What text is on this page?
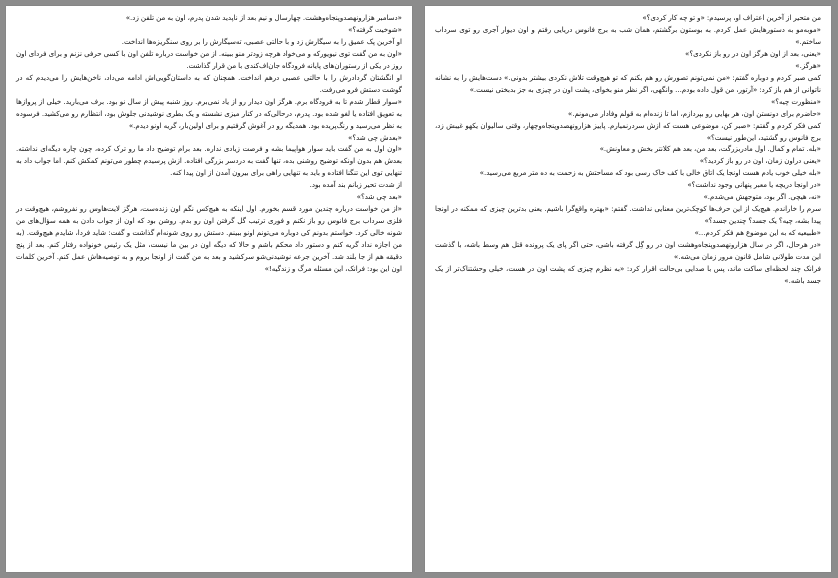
«دسامبر هزارونهصدوپنجاه‌وهشت. چهارسال و نیم بعد از ناپدید شدن پدرم، اون به من تلفن زد.»

«شوخیت گرفته؟»

او آخرین پک عمیق را به سیگارش زد و با حالتی عصبی، ته‌سیگارش را بر روی سنگریزه‌ها انداخت.

«اون به من گفت توی نیویورکه و می‌خواد هرچه زودتر منو ببینه. از من خواست درباره تلفن اون با کسی حرفی نزنم و برای فردای اون روز در یکی از رستوران‌های پایانه فرودگاه جان‌اف‌کندی با من قرار گذاشت.

او انگشتان گردادرش را با حالتی عصبی درهم انداخت. همچنان که به داستان‌گویی‌اش ادامه می‌داد، ناخن‌هایش را می‌دیدم که در گوشت دستش فرو می‌رفت.

«سوار قطار شدم تا به فرودگاه برم. هرگز اون دیدار رو از یاد نمی‌برم. روز شنبه پیش از سال نو بود. برف می‌بارید. خیلی از پروازها به تعویق افتاده یا لغو شده بود. پدرم، درحالی‌که در کنار میزی نشسته و یک بطری نوشیدنی جلوش بود، انتظارم رو می‌کشید. فرسوده به نظر می‌رسید و رنگ‌پریده بود. همدیگه رو در آغوش گرفتیم و برای اولین‌بار، گریه اونو دیدم.»

«بعدش چی شد؟»

«اون اول به من گفت باید سوار هواپیما بشه و فرصت زیادی نداره. بعد برام توضیح داد ما رو ترک کرده، چون چاره دیگه‌ای نداشته. بعدش هم بدون اونکه توضیح روشنی بده، تنها گفت به دردسر بزرگی افتاده. ازش پرسیدم چطور می‌تونم کمکش کنم. اما جواب داد به تنهایی توی این تنگنا افتاده و باید به تنهایی راهی برای بیرون آمدن از اون پیدا کنه.

از شدت تحیر زبانم بند آمده بود.

«بعد چی شد؟»

«از من خواست درباره چندین مورد قسم بخورم. اول اینکه به هیچ‌کس نگم اون زنده‌ست، هرگز لایت‌هاوس رو نفروشم، هیچ‌وقت در فلزی سرداب برج فانوس رو باز نکنم و فوری ترتیب گل گرفتن اون رو بدم. روشن بود که اون از جواب دادن به همه سؤال‌های من شونه خالی کرد. خواستم بدونم کی دوباره می‌تونم اونو ببینم. دستش رو روی شونه‌ام گذاشت و گفت: شاید فردا، شایدم هیچ‌وقت. (به من اجازه نداد گریه کنم و دستور داد محکم باشم و حالا که دیگه اون در بین ما نیست، مثل یک رئیس خونواده رفتار کنم. بعد از پنج دقیقه هم از جا بلند شد. آخرین جرعه نوشیدنی‌شو سرکشید و بعد به من گفت از اونجا بروم و به توصیه‌هاش عمل کنم. آخرین کلمات اون این بود: فرانک، این مسئله مرگ و زندگیه!»

من متحیر از آخرین اعتراف او، پرسیدم: «و تو چه کار کردی؟»

«موبه‌مو به دستورهایش عمل کردم. به بوستون برگشتم، همان شب به برج فانوس دریایی رفتم و اون دیوار آجری رو توی سرداب ساختم.»

«یعنی، بعد از اون هرگز اون در رو باز نکردی؟»

«هرگز.»

کمی صبر کردم و دوباره گفتم: «من نمی‌تونم تصورش رو هم بکنم که تو هیچ‌وقت تلاش نکردی بیشتر بدونی.» دست‌هایش را به نشانه ناتوانی از هم باز کرد: «آرتور، من قول داده بودم... وانگهی، اگر نظر منو بخوای، پشت اون در چیزی به جز بدبختی نیست.»

«منظورت چیه؟»

«حاضرم برای دونستن اون، هر بهایی رو بپردازم، اما تا زنده‌ام به قولم وفادار می‌مونم.»

کمی فکر کردم و گفتم: «صبر کن، موضوعی هست که ازش سردرنمیارم. پاییز هزارونهصدوپنجاه‌وچهار، وقتی سالیوان یکهو غیبش زد، برج فانوس رو گشتید، این‌طور نیست؟»

«بله. تمام و کمال. اول مادربزرگت، بعد من، بعد هم کلانتر بخش و معاونش.»

«یعنی دراون زمان، اون در رو باز کردید؟»

«بله خیلی خوب یادم هست اونجا یک اتاق خالی با کف خاک رسی بود که مساحتش به زحمت به ده متر مربع می‌رسید.»

«در اونجا دریچه یا معبر پنهانی وجود نداشت؟»

«نه، هیچی. اگر بود، متوجهش می‌شدم.»

سرم را خاراندم. هیچ‌یک از این حرف‌ها کوچک‌ترین معنایی نداشت. گفتم: «بهتره واقع‌گرا باشیم. یعنی بدترین چیزی که ممکنه در اونجا پیدا بشه، چیه؟ یک جسد؟ چندین جسد؟»

«طبیعیه که به این موضوع هم فکر کردم...»

«در هرحال، اگر در سال هزارونهصدوپنجاه‌وهشت اون در رو گِل گرفته باشی، حتی اگر پای یک پرونده قتل هم وسط باشه، با گذشت این مدت طولانی شامل قانون مرور زمان می‌شه.»

فرانک چند لحظه‌ای ساکت ماند، پس با صدایی بی‌حالت اقرار کرد: «به نظرم چیزی که پشت اون در هست، خیلی وحشتناک‌تر از یک جسد باشه.»
